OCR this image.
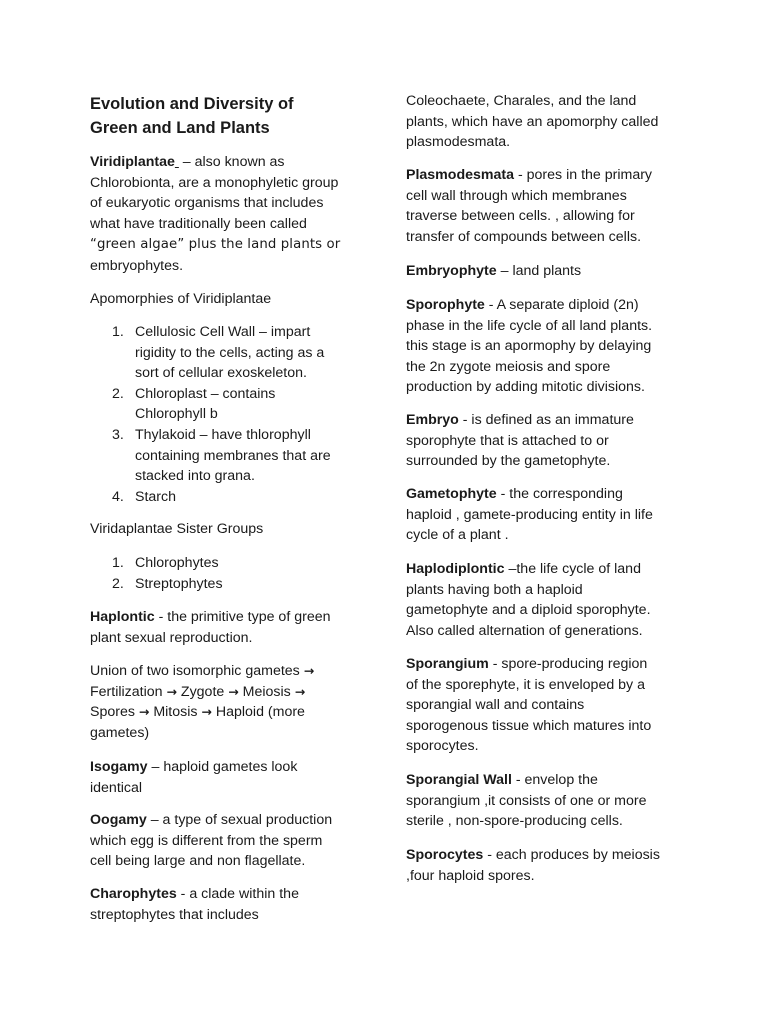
Evolution and Diversity of
Green and Land Plants

Viridiplantae  – also known as
Chlorobionta, are a monophyletic group
of eukaryotic organisms that includes
what have traditionally been called
“green algae” plus the land plants or
embryophytes.

Apomorphies of Viridiplantae

1. Cellulosic Cell Wall – impart
rigidity to the cells, acting as a
sort of cellular exoskeleton.
2. Chloroplast – contains
Chlorophyll b
3. Thylakoid – have thlorophyll
containing membranes that are
stacked into grana.
4. Starch

Viridaplantae Sister Groups

1. Chlorophytes
2. Streptophytes

Haplontic - the primitive type of green
plant sexual reproduction.

Union of two isomorphic gametes →
Fertilization → Zygote → Meiosis →
Spores → Mitosis → Haploid (more
gametes)

Isogamy – haploid gametes look
identical

Oogamy – a type of sexual production
which egg is different from the sperm
cell being large and non flagellate.

Charophytes - a clade within the
streptophytes that includes

Coleochaete, Charales, and the land
plants, which have an apomorphy called
plasmodesmata.

Plasmodesmata - pores in the primary
cell wall through which membranes
traverse between cells. , allowing for
transfer of compounds between cells.

Embryophyte – land plants

Sporophyte - A separate diploid (2n)
phase in the life cycle of all land plants.
this stage is an apormophy by delaying
the 2n zygote meiosis and spore
production by adding mitotic divisions.

Embryo - is defined as an immature
sporophyte that is attached to or
surrounded by the gametophyte.

Gametophyte - the corresponding
haploid , gamete-producing entity in life
cycle of a plant .

Haplodiplontic –the life cycle of land
plants having both a haploid
gametophyte and a diploid sporophyte.
Also called alternation of generations.

Sporangium - spore-producing region
of the sporephyte, it is enveloped by a
sporangial wall and contains
sporogenous tissue which matures into
sporocytes.

Sporangial Wall - envelop the
sporangium ,it consists of one or more
sterile , non-spore-producing cells.

Sporocytes - each produces by meiosis
,four haploid spores.
